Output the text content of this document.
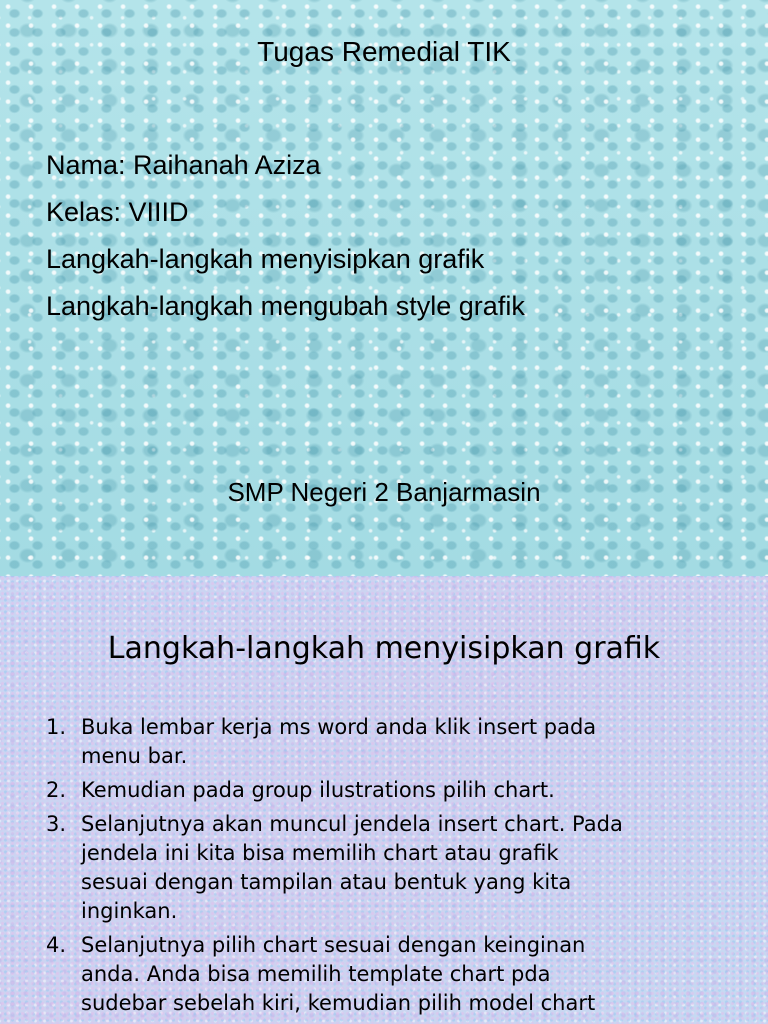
Tugas Remedial TIK
Nama: Raihanah Aziza
Kelas: VIIID
Langkah-langkah menyisipkan grafik
Langkah-langkah mengubah style grafik
SMP Negeri 2 Banjarmasin
Langkah-langkah menyisipkan grafik
1. Buka lembar kerja ms word anda klik insert pada
menu bar.
2. Kemudian pada group ilustrations pilih chart.
3. Selanjutnya akan muncul jendela insert chart. Pada
jendela ini kita bisa memilih chart atau grafik
sesuai dengan tampilan atau bentuk yang kita
inginkan.
4. Selanjutnya pilih chart sesuai dengan keinginan
anda. Anda bisa memilih template chart pda
sudebar sebelah kiri, kemudian pilih model chart
